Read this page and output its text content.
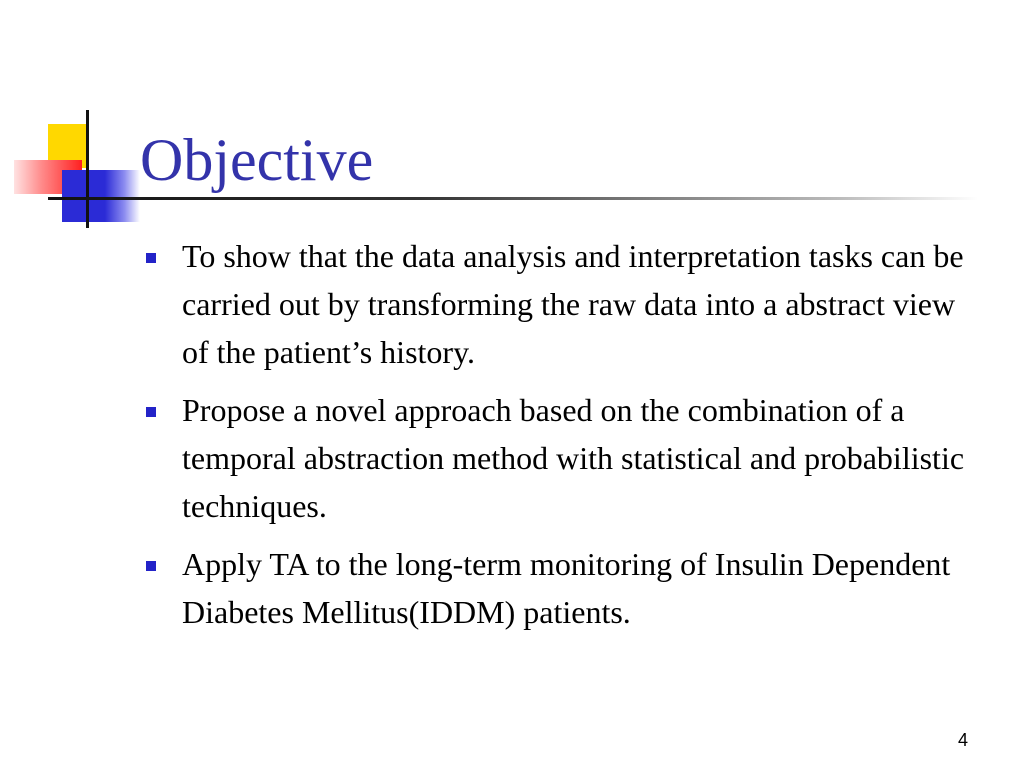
Objective
To show that the data analysis and interpretation tasks can be carried out by transforming the raw data into a abstract view of the patient’s history.
Propose a novel approach based on the combination of a temporal abstraction method with statistical and probabilistic techniques.
Apply TA to the long-term monitoring of Insulin Dependent Diabetes Mellitus(IDDM) patients.
4
